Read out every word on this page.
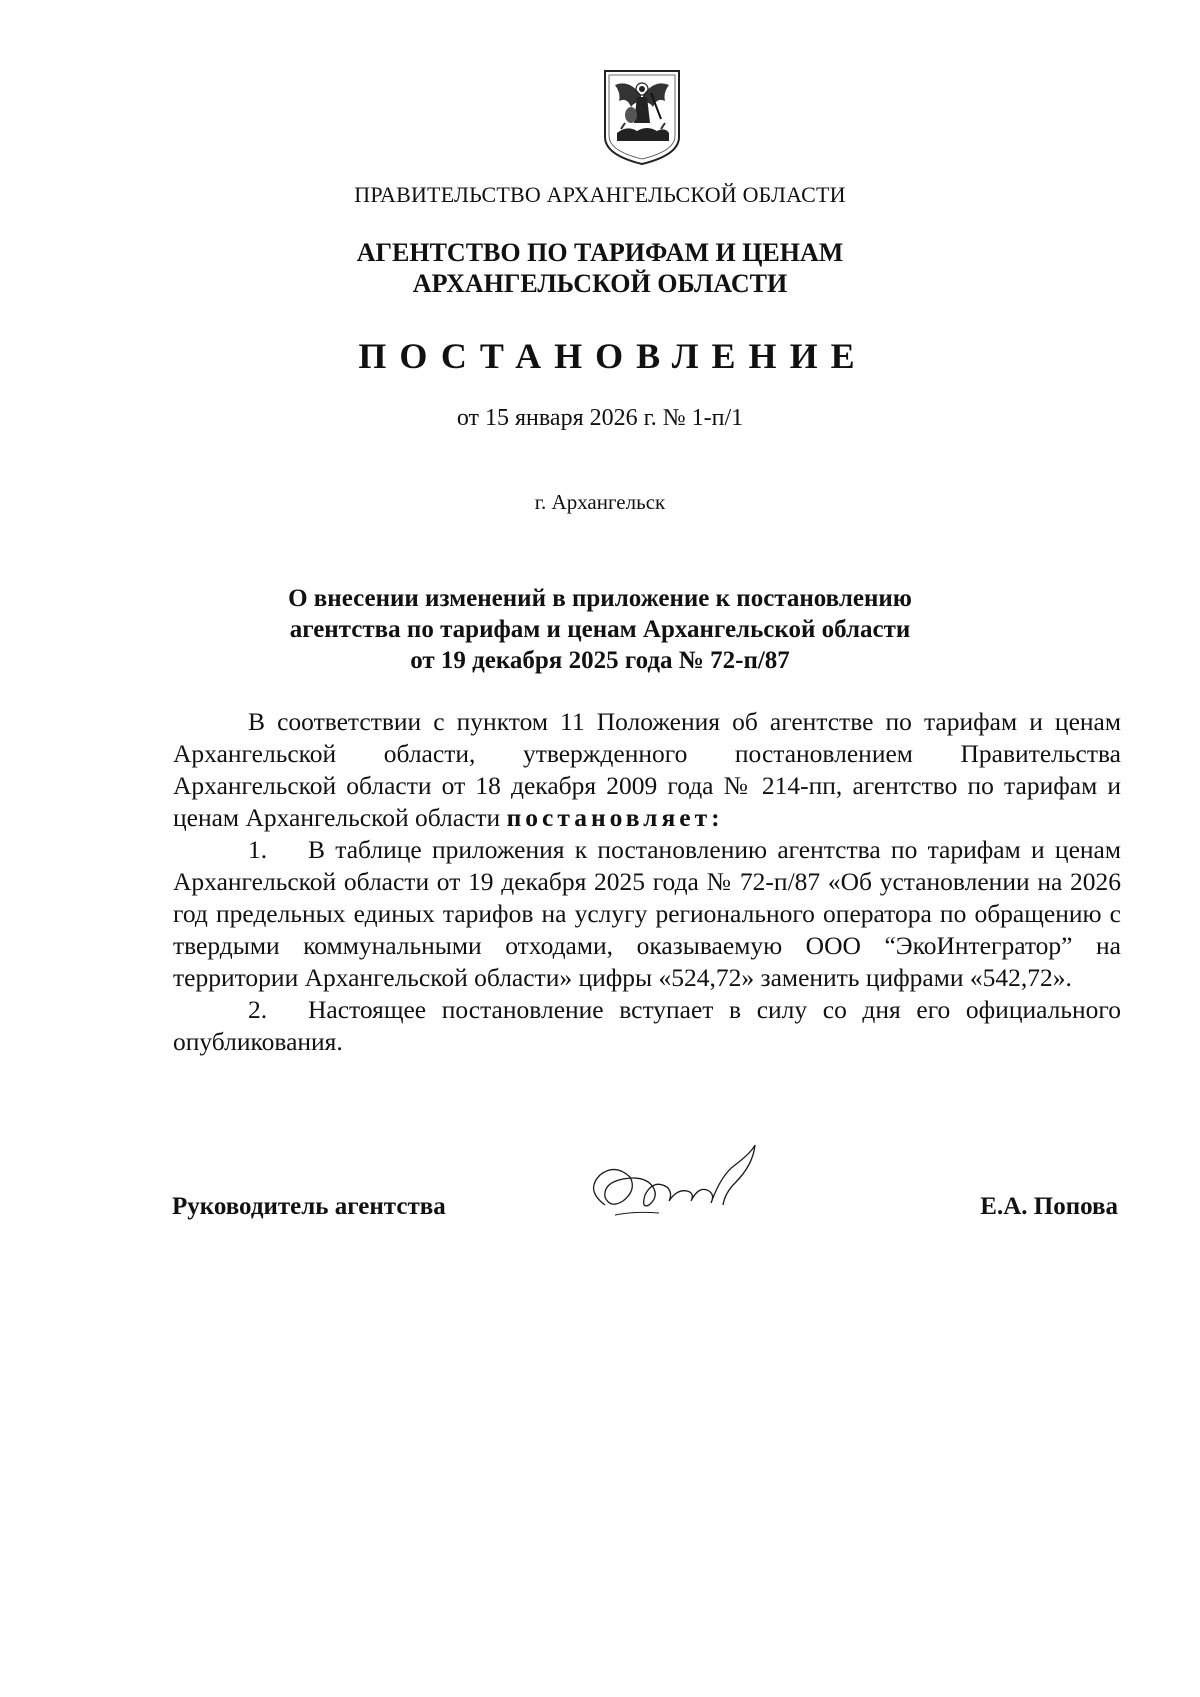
ПРАВИТЕЛЬСТВО АРХАНГЕЛЬСКОЙ ОБЛАСТИ
АГЕНТСТВО ПО ТАРИФАМ И ЦЕНАМ
АРХАНГЕЛЬСКОЙ ОБЛАСТИ
ПОСТАНОВЛЕНИЕ
от 15 января 2026 г. № 1-п/1
г. Архангельск
О внесении изменений в приложение к постановлению
агентства по тарифам и ценам Архангельской области
от 19 декабря 2025 года № 72-п/87

В соответствии с пунктом 11 Положения об агентстве по тарифам и ценам Архангельской области, утвержденного постановлением Правительства Архангельской области от 18 декабря 2009 года № 214-пп, агентство по тарифам и ценам Архангельской области постановляет:

1. В таблице приложения к постановлению агентства по тарифам и ценам Архангельской области от 19 декабря 2025 года № 72-п/87 «Об установлении на 2026 год предельных единых тарифов на услугу регионального оператора по обращению с твердыми коммунальными отходами, оказываемую ООО “ЭкоИнтегратор” на территории Архангельской области» цифры «524,72» заменить цифрами «542,72».

2. Настоящее постановление вступает в силу со дня его официального опубликования.

Руководитель агентства	Е.А. Попова
